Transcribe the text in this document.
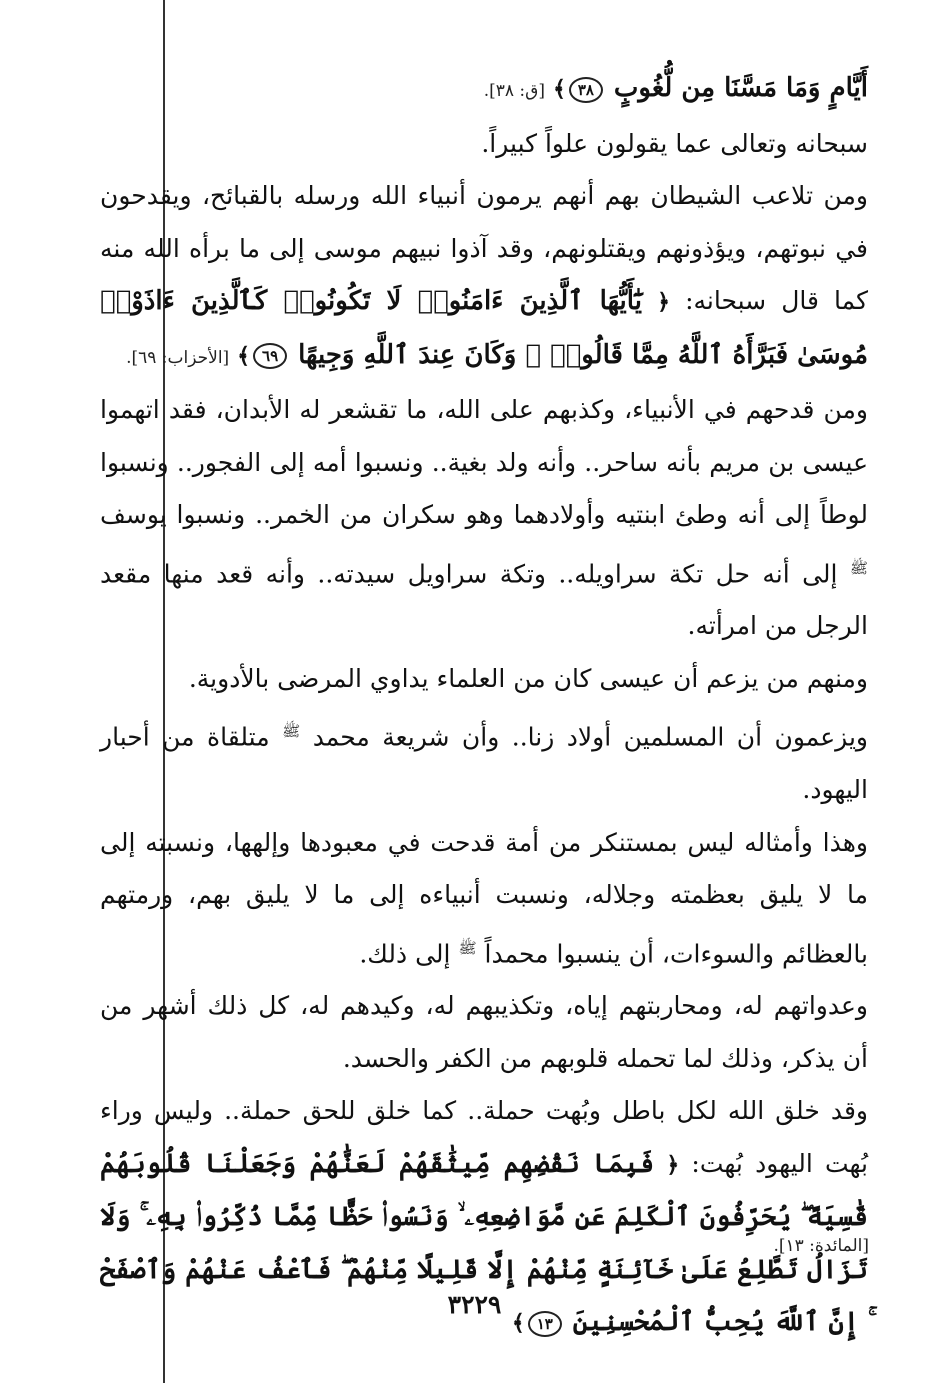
أَيَّامٍ وَمَا مَسَّنَا مِن لُّغُوبٍ ٣٨﴾ [ق: ٣٨].

سبحانه وتعالى عما يقولون علواً كبيراً.

ومن تلاعب الشيطان بهم أنهم يرمون أنبياء الله ورسله بالقبائح، ويقدحون في نبوتهم، ويؤذونهم ويقتلونهم، وقد آذوا نبيهم موسى إلى ما برأه الله منه كما قال سبحانه: ﴿ يَٰٓأَيُّهَا ٱلَّذِينَ ءَامَنُوا۟ لَا تَكُونُوا۟ كَٱلَّذِينَ ءَاذَوْا۟ مُوسَىٰ فَبَرَّأَهُ ٱللَّهُ مِمَّا قَالُوا۟ ۚ وَكَانَ عِندَ ٱللَّهِ وَجِيهًا ٦٩﴾ [الأحزاب: ٦٩].

ومن قدحهم في الأنبياء، وكذبهم على الله، ما تقشعر له الأبدان، فقد اتهموا عيسى بن مريم بأنه ساحر.. وأنه ولد بغية.. ونسبوا أمه إلى الفجور.. ونسبوا لوطاً إلى أنه وطئ ابنتيه وأولادهما وهو سكران من الخمر.. ونسبوا يوسف $^ﷺ$ إلى أنه حل تكة سراويله.. وتكة سراويل سيدته.. وأنه قعد منها مقعد الرجل من امرأته.

ومنهم من يزعم أن عيسى كان من العلماء يداوي المرضى بالأدوية.

ويزعمون أن المسلمين أولاد زنا.. وأن شريعة محمد $^ﷺ$ متلقاة من أحبار اليهود.

وهذا وأمثاله ليس بمستنكر من أمة قدحت في معبودها وإلهها، ونسبته إلى ما لا يليق بعظمته وجلاله، ونسبت أنبياءه إلى ما لا يليق بهم، ورمتهم بالعظائم والسوءات، أن ينسبوا محمداً $^ﷺ$ إلى ذلك.

وعدواتهم له، ومحاربتهم إياه، وتكذيبهم له، وكيدهم له، كل ذلك أشهر من أن يذكر، وذلك لما تحمله قلوبهم من الكفر والحسد.

وقد خلق الله لكل باطل وبُهت حملة.. كما خلق للحق حملة.. وليس وراء بُهت اليهود بُهت: ﴿ فَبِمَا نَقْضِهِم مِّيثَٰقَهُمْ لَعَنَّٰهُمْ وَجَعَلْنَا قُلُوبَهُمْ قَٰسِيَةً ۖ يُحَرِّفُونَ ٱلْكَلِمَ عَن مَّوَاضِعِهِۦ ۙ وَنَسُوا۟ حَظًّا مِّمَّا ذُكِّرُوا۟ بِهِۦ ۚ وَلَا تَزَالُ تَطَّلِعُ عَلَىٰ خَآئِنَةٍ مِّنْهُمْ إِلَّا قَلِيلًا مِّنْهُمْ ۖ فَٱعْفُ عَنْهُمْ وَٱصْفَحْ ۚ إِنَّ ٱللَّهَ يُحِبُّ ٱلْمُحْسِنِينَ ١٣﴾

[المائدة: ١٣].
٣٢٢٩
